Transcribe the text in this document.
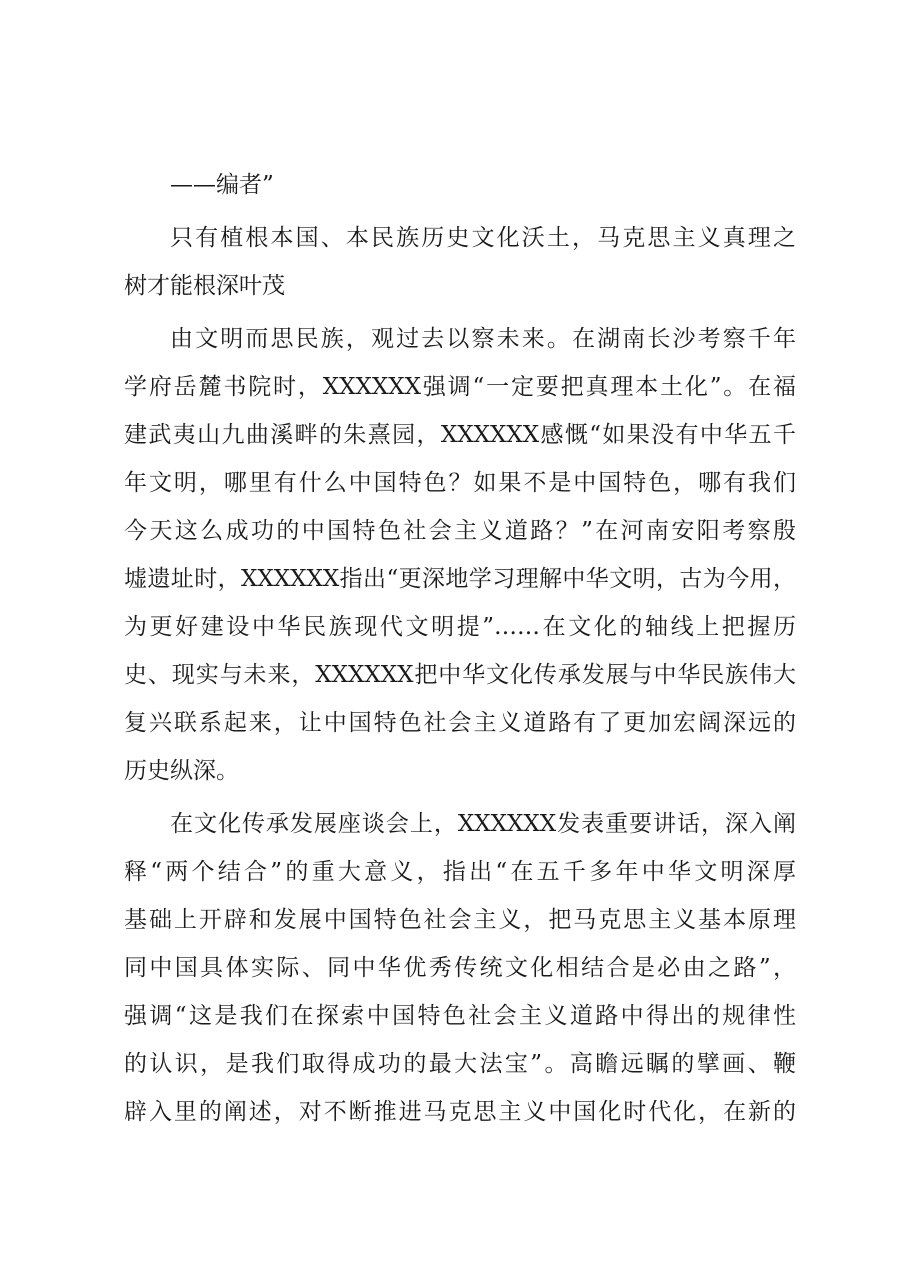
——编者”
只有植根本国、本民族历史文化沃土，马克思主义真理之
树才能根深叶茂
由文明而思民族，观过去以察未来。在湖南长沙考察千年
学府岳麓书院时，XXXXXX强调“一定要把真理本土化”。在福
建武夷山九曲溪畔的朱熹园，XXXXXX感慨“如果没有中华五千
年文明，哪里有什么中国特色？如果不是中国特色，哪有我们
今天这么成功的中国特色社会主义道路？”在河南安阳考察殷
墟遗址时，XXXXXX指出“更深地学习理解中华文明，古为今用，
为更好建设中华民族现代文明提”……在文化的轴线上把握历
史、现实与未来，XXXXXX把中华文化传承发展与中华民族伟大
复兴联系起来，让中国特色社会主义道路有了更加宏阔深远的
历史纵深。
在文化传承发展座谈会上，XXXXXX发表重要讲话，深入阐
释“两个结合”的重大意义，指出“在五千多年中华文明深厚
基础上开辟和发展中国特色社会主义，把马克思主义基本原理
同中国具体实际、同中华优秀传统文化相结合是必由之路”，
强调“这是我们在探索中国特色社会主义道路中得出的规律性
的认识，是我们取得成功的最大法宝”。高瞻远瞩的擘画、鞭
辟入里的阐述，对不断推进马克思主义中国化时代化，在新的
